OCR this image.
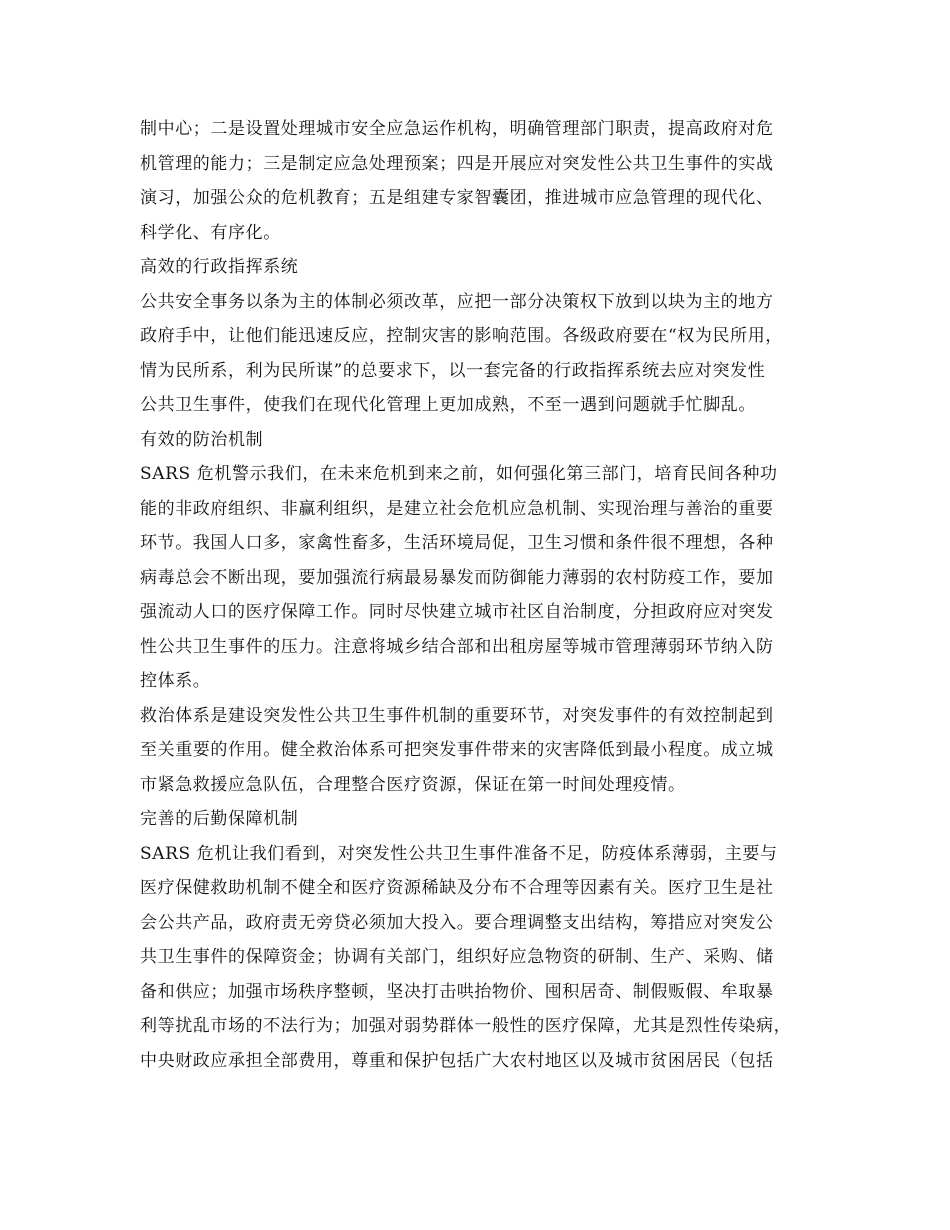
制中心；二是设置处理城市安全应急运作机构，明确管理部门职责，提高政府对危
机管理的能力；三是制定应急处理预案；四是开展应对突发性公共卫生事件的实战
演习，加强公众的危机教育；五是组建专家智囊团，推进城市应急管理的现代化、
科学化、有序化。
高效的行政指挥系统
公共安全事务以条为主的体制必须改革，应把一部分决策权下放到以块为主的地方
政府手中，让他们能迅速反应，控制灾害的影响范围。各级政府要在“权为民所用，
情为民所系，利为民所谋”的总要求下，以一套完备的行政指挥系统去应对突发性
公共卫生事件，使我们在现代化管理上更加成熟，不至一遇到问题就手忙脚乱。
有效的防治机制
SARS 危机警示我们，在未来危机到来之前，如何强化第三部门，培育民间各种功
能的非政府组织、非赢利组织，是建立社会危机应急机制、实现治理与善治的重要
环节。我国人口多，家禽性畜多，生活环境局促，卫生习惯和条件很不理想，各种
病毒总会不断出现，要加强流行病最易暴发而防御能力薄弱的农村防疫工作，要加
强流动人口的医疗保障工作。同时尽快建立城市社区自治制度，分担政府应对突发
性公共卫生事件的压力。注意将城乡结合部和出租房屋等城市管理薄弱环节纳入防
控体系。
救治体系是建设突发性公共卫生事件机制的重要环节，对突发事件的有效控制起到
至关重要的作用。健全救治体系可把突发事件带来的灾害降低到最小程度。成立城
市紧急救援应急队伍，合理整合医疗资源，保证在第一时间处理疫情。
完善的后勤保障机制
SARS 危机让我们看到，对突发性公共卫生事件准备不足，防疫体系薄弱，主要与
医疗保健救助机制不健全和医疗资源稀缺及分布不合理等因素有关。医疗卫生是社
会公共产品，政府责无旁贷必须加大投入。要合理调整支出结构，筹措应对突发公
共卫生事件的保障资金；协调有关部门，组织好应急物资的研制、生产、采购、储
备和供应；加强市场秩序整顿，坚决打击哄抬物价、囤积居奇、制假贩假、牟取暴
利等扰乱市场的不法行为；加强对弱势群体一般性的医疗保障，尤其是烈性传染病，
中央财政应承担全部费用，尊重和保护包括广大农村地区以及城市贫困居民（包括
